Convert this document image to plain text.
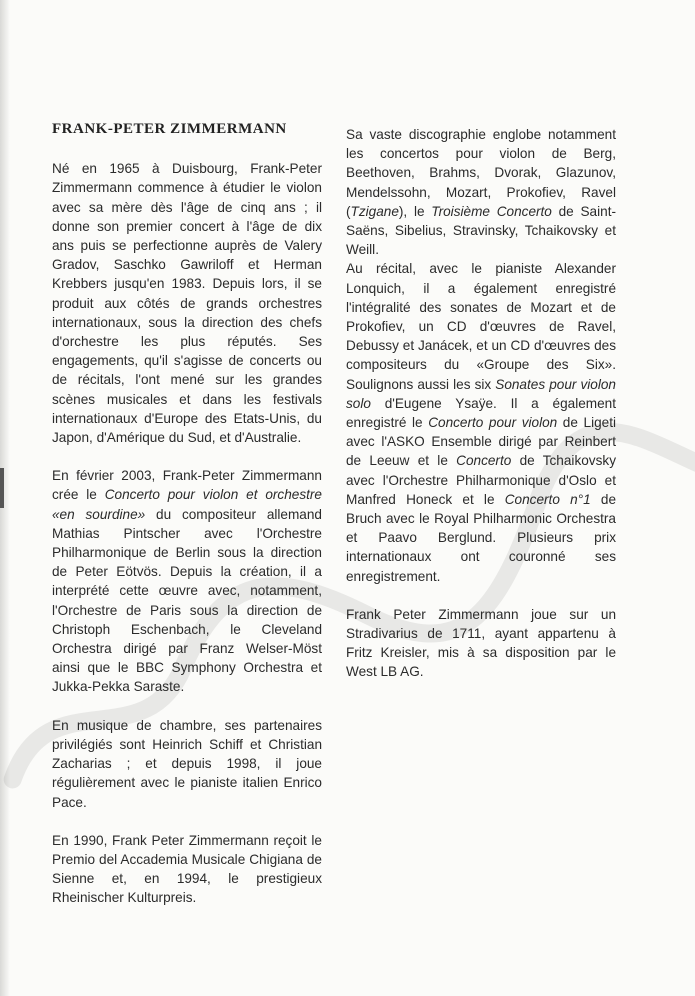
FRANK-PETER ZIMMERMANN

Né en 1965 à Duisbourg, Frank-Peter Zimmermann commence à étudier le violon avec sa mère dès l'âge de cinq ans ; il donne son premier concert à l'âge de dix ans puis se perfectionne auprès de Valery Gradov, Saschko Gawriloff et Herman Krebbers jusqu'en 1983. Depuis lors, il se produit aux côtés de grands orchestres internationaux, sous la direction des chefs d'orchestre les plus réputés. Ses engagements, qu'il s'agisse de concerts ou de récitals, l'ont mené sur les grandes scènes musicales et dans les festivals internationaux d'Europe des Etats-Unis, du Japon, d'Amérique du Sud, et d'Australie.

En février 2003, Frank-Peter Zimmermann crée le Concerto pour violon et orchestre «en sourdine» du compositeur allemand Mathias Pintscher avec l'Orchestre Philharmonique de Berlin sous la direction de Peter Eötvös. Depuis la création, il a interprété cette œuvre avec, notamment, l'Orchestre de Paris sous la direction de Christoph Eschenbach, le Cleveland Orchestra dirigé par Franz Welser-Möst ainsi que le BBC Symphony Orchestra et Jukka-Pekka Saraste.

En musique de chambre, ses partenaires privilégiés sont Heinrich Schiff et Christian Zacharias ; et depuis 1998, il joue régulièrement avec le pianiste italien Enrico Pace.

En 1990, Frank Peter Zimmermann reçoit le Premio del Accademia Musicale Chigiana de Sienne et, en 1994, le prestigieux Rheinischer Kulturpreis.

Sa vaste discographie englobe notamment les concertos pour violon de Berg, Beethoven, Brahms, Dvorak, Glazunov, Mendelssohn, Mozart, Prokofiev, Ravel (Tzigane), le Troisième Concerto de Saint-Saëns, Sibelius, Stravinsky, Tchaikovsky et Weill.

Au récital, avec le pianiste Alexander Lonquich, il a également enregistré l'intégralité des sonates de Mozart et de Prokofiev, un CD d'œuvres de Ravel, Debussy et Janácek, et un CD d'œuvres des compositeurs du «Groupe des Six». Soulignons aussi les six Sonates pour violon solo d'Eugene Ysaÿe. Il a également enregistré le Concerto pour violon de Ligeti avec l'ASKO Ensemble dirigé par Reinbert de Leeuw et le Concerto de Tchaikovsky avec l'Orchestre Philharmonique d'Oslo et Manfred Honeck et le Concerto n°1 de Bruch avec le Royal Philharmonic Orchestra et Paavo Berglund. Plusieurs prix internationaux ont couronné ses enregistrement.

Frank Peter Zimmermann joue sur un Stradivarius de 1711, ayant appartenu à Fritz Kreisler, mis à sa disposition par le West LB AG.
